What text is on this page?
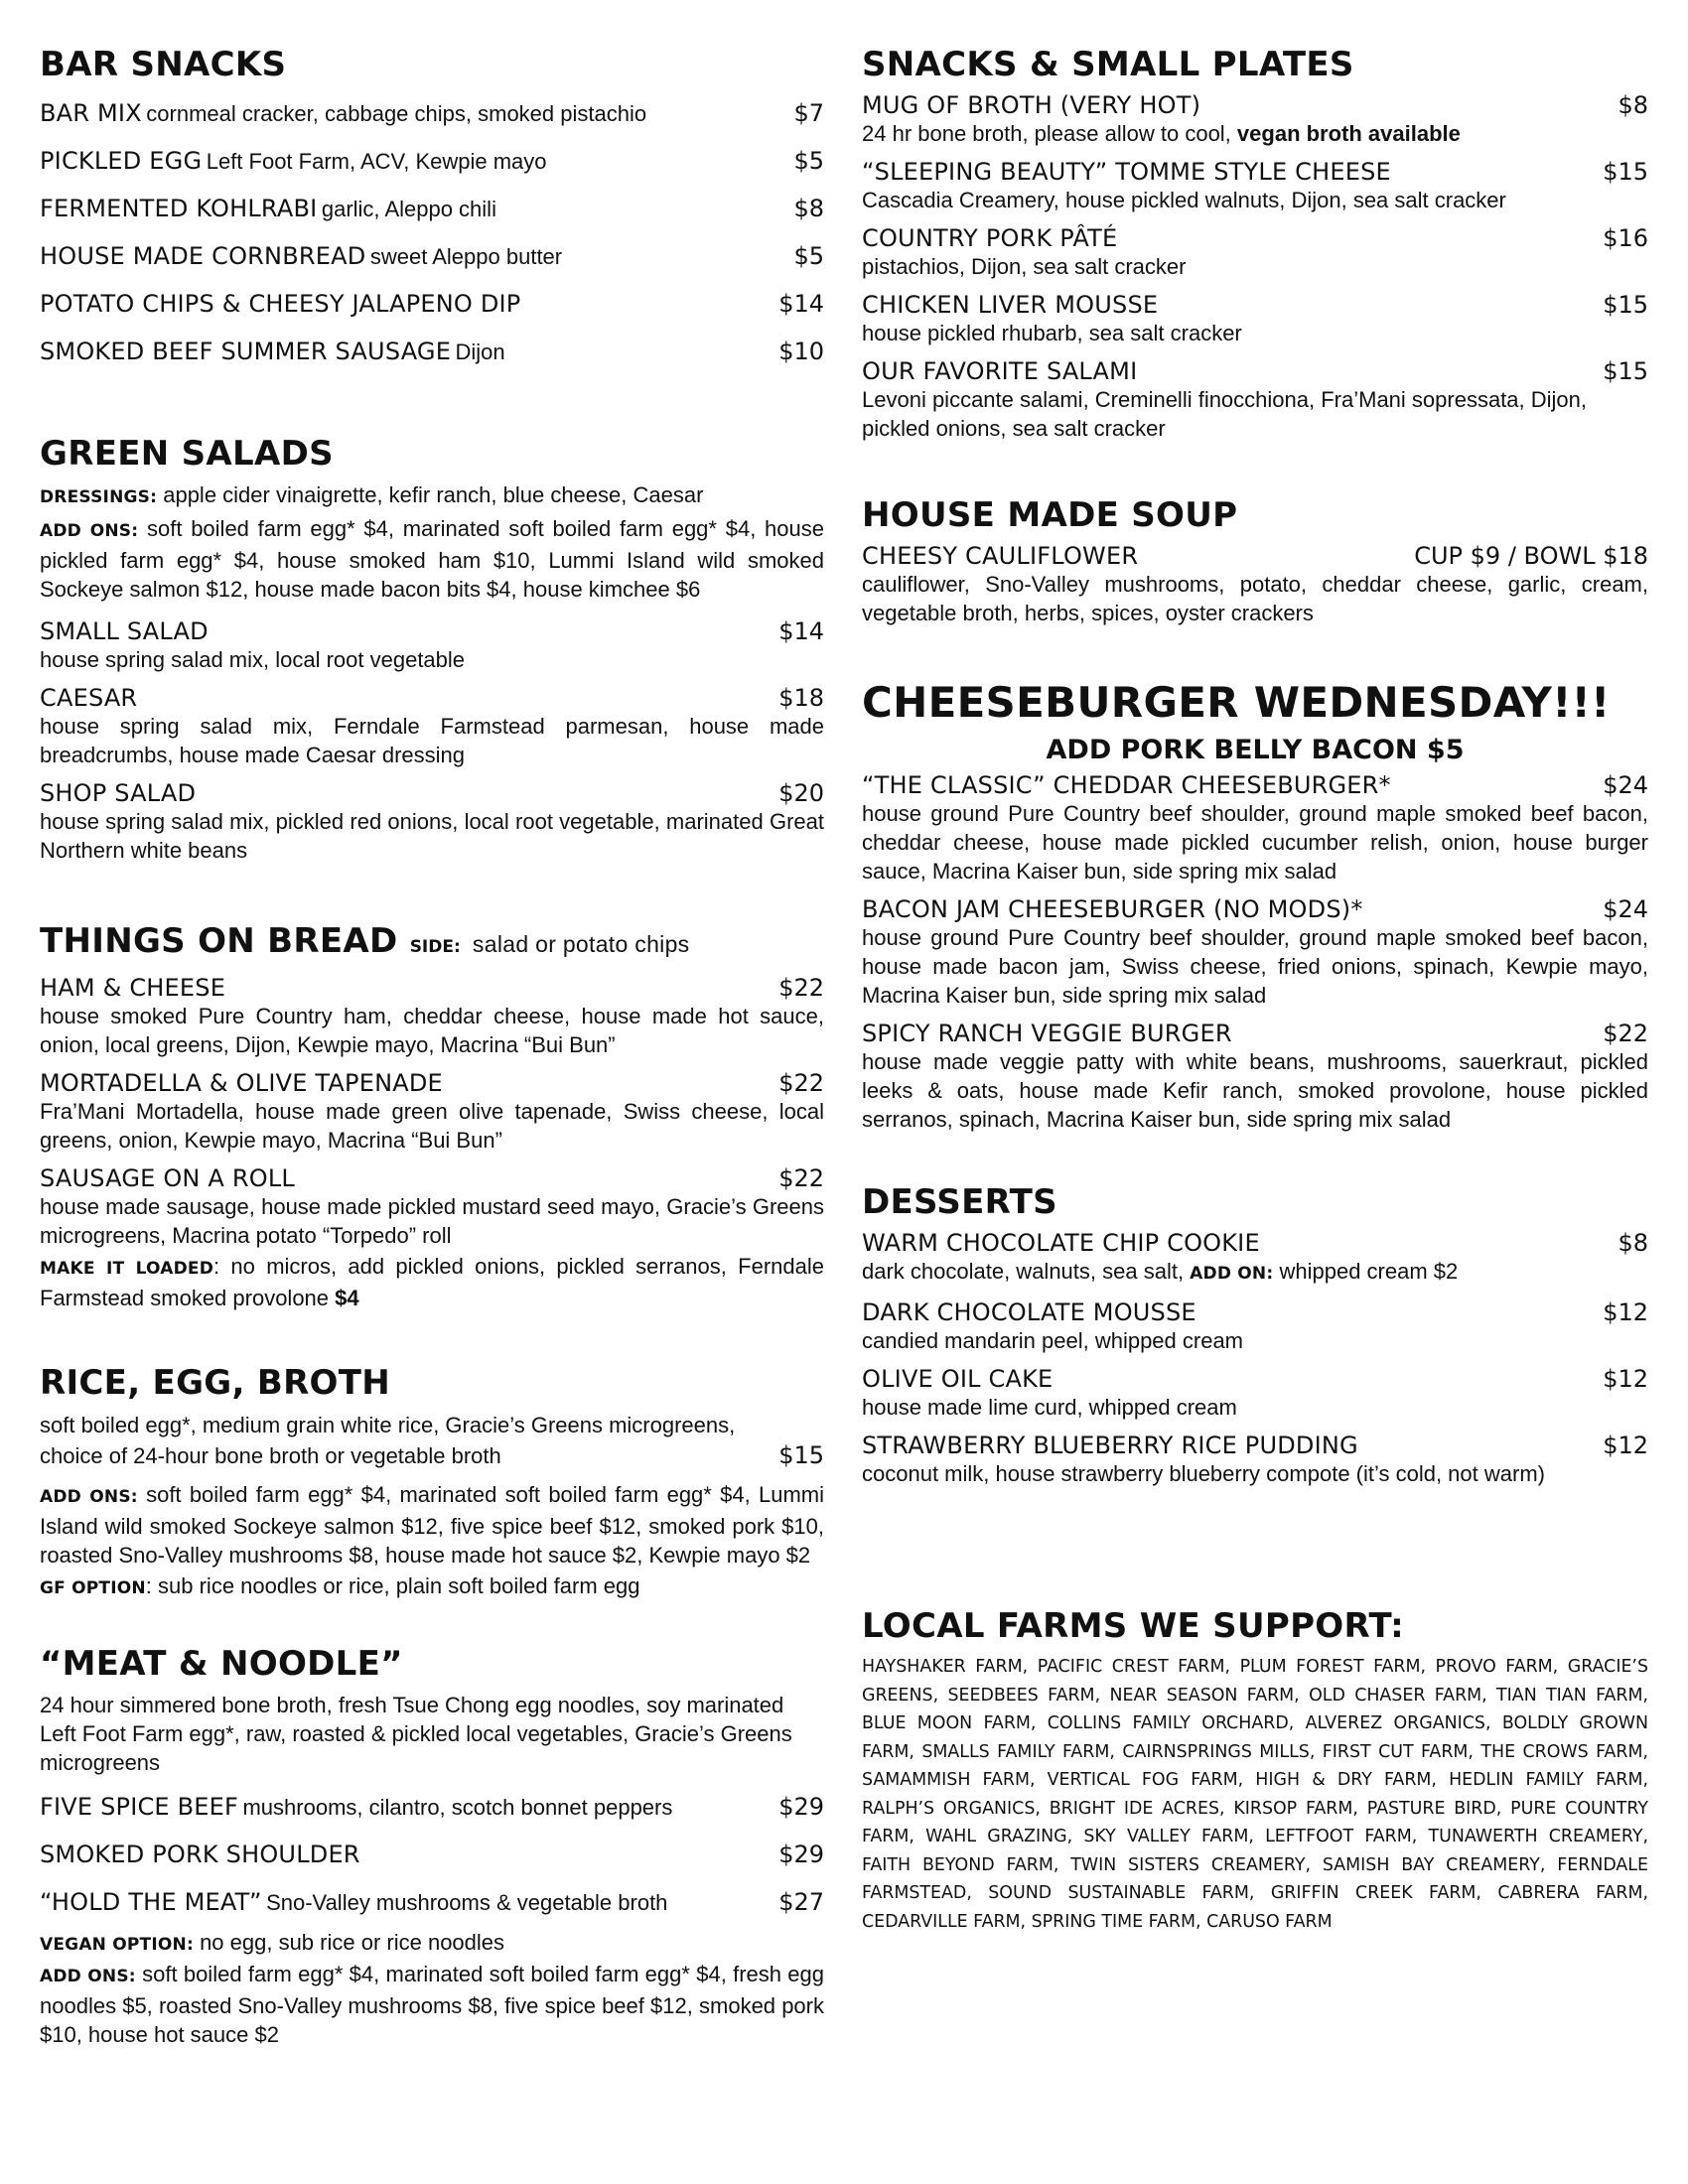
BAR SNACKS
BAR MIX cornmeal cracker, cabbage chips, smoked pistachio	$7
PICKLED EGG Left Foot Farm, ACV, Kewpie mayo	$5
FERMENTED KOHLRABI garlic, Aleppo chili	$8
HOUSE MADE CORNBREAD sweet Aleppo butter	$5
POTATO CHIPS & CHEESY JALAPENO DIP	$14
SMOKED BEEF SUMMER SAUSAGE Dijon	$10
GREEN SALADS
DRESSINGS: apple cider vinaigrette, kefir ranch, blue cheese, Caesar
ADD ONS: soft boiled farm egg* $4, marinated soft boiled farm egg* $4, house pickled farm egg* $4, house smoked ham $10, Lummi Island wild smoked Sockeye salmon $12, house made bacon bits $4, house kimchee $6
SMALL SALAD	$14
house spring salad mix, local root vegetable
CAESAR	$18
house spring salad mix, Ferndale Farmstead parmesan, house made breadcrumbs, house made Caesar dressing
SHOP SALAD	$20
house spring salad mix, pickled red onions, local root vegetable, marinated Great Northern white beans
THINGS ON BREAD SIDE: salad or potato chips
HAM & CHEESE	$22
house smoked Pure Country ham, cheddar cheese, house made hot sauce, onion, local greens, Dijon, Kewpie mayo, Macrina “Bui Bun”
MORTADELLA & OLIVE TAPENADE	$22
Fra’Mani Mortadella, house made green olive tapenade, Swiss cheese, local greens, onion, Kewpie mayo, Macrina “Bui Bun”
SAUSAGE ON A ROLL	$22
house made sausage, house made pickled mustard seed mayo, Gracie’s Greens microgreens, Macrina potato “Torpedo” roll
MAKE IT LOADED: no micros, add pickled onions, pickled serranos, Ferndale Farmstead smoked provolone $4
RICE, EGG, BROTH
soft boiled egg*, medium grain white rice, Gracie’s Greens microgreens,
choice of 24-hour bone broth or vegetable broth	$15
ADD ONS: soft boiled farm egg* $4, marinated soft boiled farm egg* $4, Lummi Island wild smoked Sockeye salmon $12, five spice beef $12, smoked pork $10, roasted Sno-Valley mushrooms $8, house made hot sauce $2, Kewpie mayo $2
GF OPTION: sub rice noodles or rice, plain soft boiled farm egg
“MEAT & NOODLE”
24 hour simmered bone broth, fresh Tsue Chong egg noodles, soy marinated Left Foot Farm egg*, raw, roasted & pickled local vegetables, Gracie’s Greens microgreens
FIVE SPICE BEEF mushrooms, cilantro, scotch bonnet peppers	$29
SMOKED PORK SHOULDER	$29
“HOLD THE MEAT” Sno-Valley mushrooms & vegetable broth	$27
VEGAN OPTION: no egg, sub rice or rice noodles
ADD ONS: soft boiled farm egg* $4, marinated soft boiled farm egg* $4, fresh egg noodles $5, roasted Sno-Valley mushrooms $8, five spice beef $12, smoked pork $10, house hot sauce $2
SNACKS & SMALL PLATES
MUG OF BROTH (VERY HOT)	$8
24 hr bone broth, please allow to cool, vegan broth available
“SLEEPING BEAUTY” TOMME STYLE CHEESE	$15
Cascadia Creamery, house pickled walnuts, Dijon, sea salt cracker
COUNTRY PORK PÂTÉ	$16
pistachios, Dijon, sea salt cracker
CHICKEN LIVER MOUSSE	$15
house pickled rhubarb, sea salt cracker
OUR FAVORITE SALAMI	$15
Levoni piccante salami, Creminelli finocchiona, Fra’Mani sopressata, Dijon, pickled onions, sea salt cracker
HOUSE MADE SOUP
CHEESY CAULIFLOWER	CUP $9 / BOWL $18
cauliflower, Sno-Valley mushrooms, potato, cheddar cheese, garlic, cream, vegetable broth, herbs, spices, oyster crackers
CHEESEBURGER WEDNESDAY!!!
ADD PORK BELLY BACON $5
“THE CLASSIC” CHEDDAR CHEESEBURGER*	$24
house ground Pure Country beef shoulder, ground maple smoked beef bacon, cheddar cheese, house made pickled cucumber relish, onion, house burger sauce, Macrina Kaiser bun, side spring mix salad
BACON JAM CHEESEBURGER (NO MODS)*	$24
house ground Pure Country beef shoulder, ground maple smoked beef bacon, house made bacon jam, Swiss cheese, fried onions, spinach, Kewpie mayo, Macrina Kaiser bun, side spring mix salad
SPICY RANCH VEGGIE BURGER	$22
house made veggie patty with white beans, mushrooms, sauerkraut, pickled leeks & oats, house made Kefir ranch, smoked provolone, house pickled serranos, spinach, Macrina Kaiser bun, side spring mix salad
DESSERTS
WARM CHOCOLATE CHIP COOKIE	$8
dark chocolate, walnuts, sea salt, ADD ON: whipped cream $2
DARK CHOCOLATE MOUSSE	$12
candied mandarin peel, whipped cream
OLIVE OIL CAKE	$12
house made lime curd, whipped cream
STRAWBERRY BLUEBERRY RICE PUDDING	$12
coconut milk, house strawberry blueberry compote (it’s cold, not warm)
LOCAL FARMS WE SUPPORT:
HAYSHAKER FARM, PACIFIC CREST FARM, PLUM FOREST FARM, PROVO FARM, GRACIE’S GREENS, SEEDBEES FARM, NEAR SEASON FARM, OLD CHASER FARM, TIAN TIAN FARM, BLUE MOON FARM, COLLINS FAMILY ORCHARD, ALVEREZ ORGANICS, BOLDLY GROWN FARM, SMALLS FAMILY FARM, CAIRNSPRINGS MILLS, FIRST CUT FARM, THE CROWS FARM, SAMAMMISH FARM, VERTICAL FOG FARM, HIGH & DRY FARM, HEDLIN FAMILY FARM, RALPH’S ORGANICS, BRIGHT IDE ACRES, KIRSOP FARM, PASTURE BIRD, PURE COUNTRY FARM, WAHL GRAZING, SKY VALLEY FARM, LEFTFOOT FARM, TUNAWERTH CREAMERY, FAITH BEYOND FARM, TWIN SISTERS CREAMERY, SAMISH BAY CREAMERY, FERNDALE FARMSTEAD, SOUND SUSTAINABLE FARM, GRIFFIN CREEK FARM, CABRERA FARM, CEDARVILLE FARM, SPRING TIME FARM, CARUSO FARM
